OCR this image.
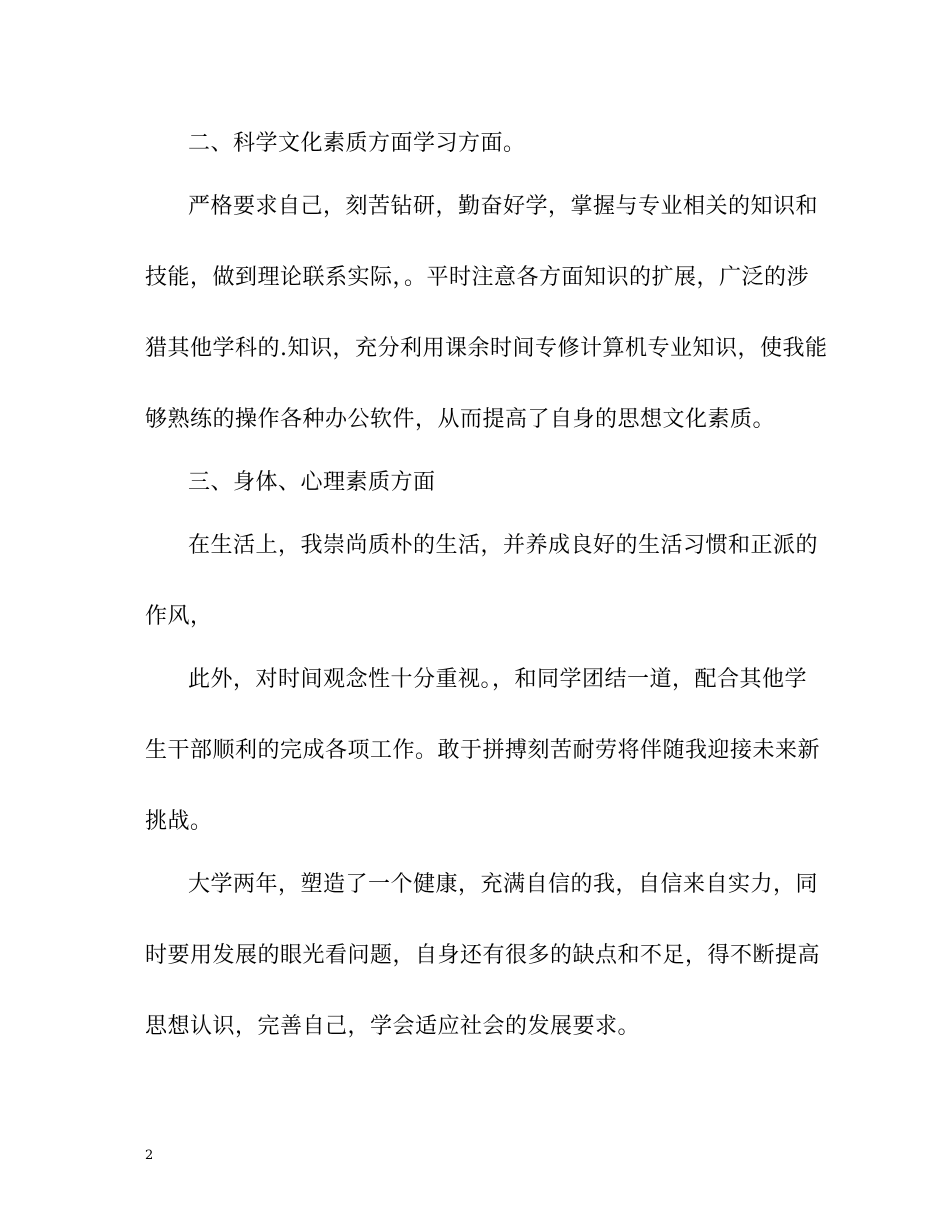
二、科学文化素质方面学习方面。
严格要求自己，刻苦钻研，勤奋好学，掌握与专业相关的知识和
技能，做到理论联系实际，。平时注意各方面知识的扩展，广泛的涉
猎其他学科的.知识，充分利用课余时间专修计算机专业知识，使我能
够熟练的操作各种办公软件，从而提高了自身的思想文化素质。
三、身体、心理素质方面
在生活上，我崇尚质朴的生活，并养成良好的生活习惯和正派的
作风，
此外，对时间观念性十分重视。，和同学团结一道，配合其他学
生干部顺利的完成各项工作。敢于拼搏刻苦耐劳将伴随我迎接未来新
挑战。
大学两年，塑造了一个健康，充满自信的我，自信来自实力，同
时要用发展的眼光看问题，自身还有很多的缺点和不足，得不断提高
思想认识，完善自己，学会适应社会的发展要求。
2
